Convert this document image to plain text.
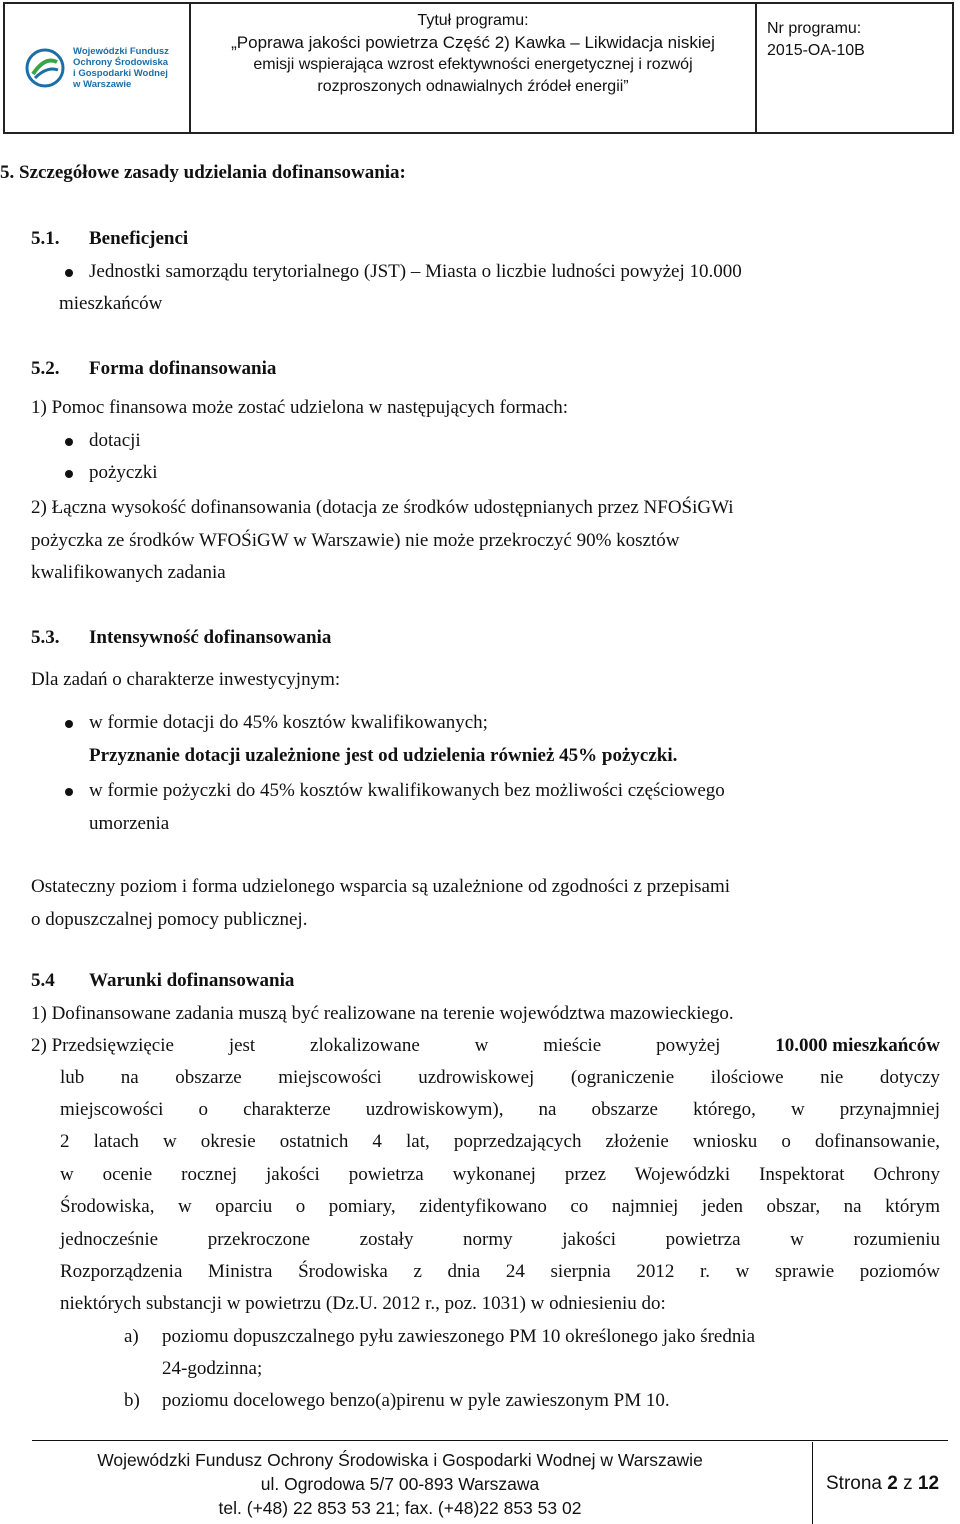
Wojewódzki Fundusz
Ochrony Środowiska
i Gospodarki Wodnej
w Warszawie
Tytuł programu:
„Poprawa jakości powietrza Część 2) Kawka – Likwidacja niskiej
emisji wspierająca wzrost efektywności energetycznej i rozwój
rozproszonych odnawialnych źródeł energii”
Nr programu:
2015-OA-10B
5. Szczegółowe zasady udzielania dofinansowania:
5.1. Beneficjenci
Jednostki samorządu terytorialnego (JST) – Miasta o liczbie ludności powyżej 10.000
mieszkańców
5.2. Forma dofinansowania
1) Pomoc finansowa może zostać udzielona w następujących formach:
dotacji
pożyczki
2) Łączna wysokość dofinansowania (dotacja ze środków udostępnianych przez NFOŚiGWi
pożyczka ze środków WFOŚiGW w Warszawie) nie może przekroczyć 90% kosztów
kwalifikowanych zadania
5.3. Intensywność dofinansowania
Dla zadań o charakterze inwestycyjnym:
w formie dotacji do 45% kosztów kwalifikowanych;
Przyznanie dotacji uzależnione jest od udzielenia również 45% pożyczki.
w formie pożyczki do 45% kosztów kwalifikowanych bez możliwości częściowego
umorzenia
Ostateczny poziom i forma udzielonego wsparcia są uzależnione od zgodności z przepisami
o dopuszczalnej pomocy publicznej.
5.4 Warunki dofinansowania
1) Dofinansowane zadania muszą być realizowane na terenie województwa mazowieckiego.
2) Przedsięwzięcie	jest	zlokalizowane	w	mieście	powyżej	10.000 mieszkańców
lub na obszarze miejscowości uzdrowiskowej (ograniczenie ilościowe nie dotyczy
miejscowości o charakterze uzdrowiskowym), na obszarze którego, w przynajmniej
2 latach w okresie ostatnich 4 lat, poprzedzających złożenie wniosku o dofinansowanie,
w ocenie rocznej jakości powietrza wykonanej przez Wojewódzki Inspektorat Ochrony
Środowiska, w oparciu o pomiary, zidentyfikowano co najmniej jeden obszar, na którym
jednocześnie przekroczone zostały normy jakości powietrza w rozumieniu
Rozporządzenia Ministra Środowiska z dnia 24 sierpnia 2012 r. w sprawie poziomów
niektórych substancji w powietrzu (Dz.U. 2012 r., poz. 1031) w odniesieniu do:
a) poziomu dopuszczalnego pyłu zawieszonego PM 10 określonego jako średnia
24-godzinna;
b) poziomu docelowego benzo(a)pirenu w pyle zawieszonym PM 10.
Wojewódzki Fundusz Ochrony Środowiska i Gospodarki Wodnej w Warszawie
ul. Ogrodowa 5/7 00-893 Warszawa
tel. (+48) 22 853 53 21; fax. (+48)22 853 53 02
Strona 2 z 12
